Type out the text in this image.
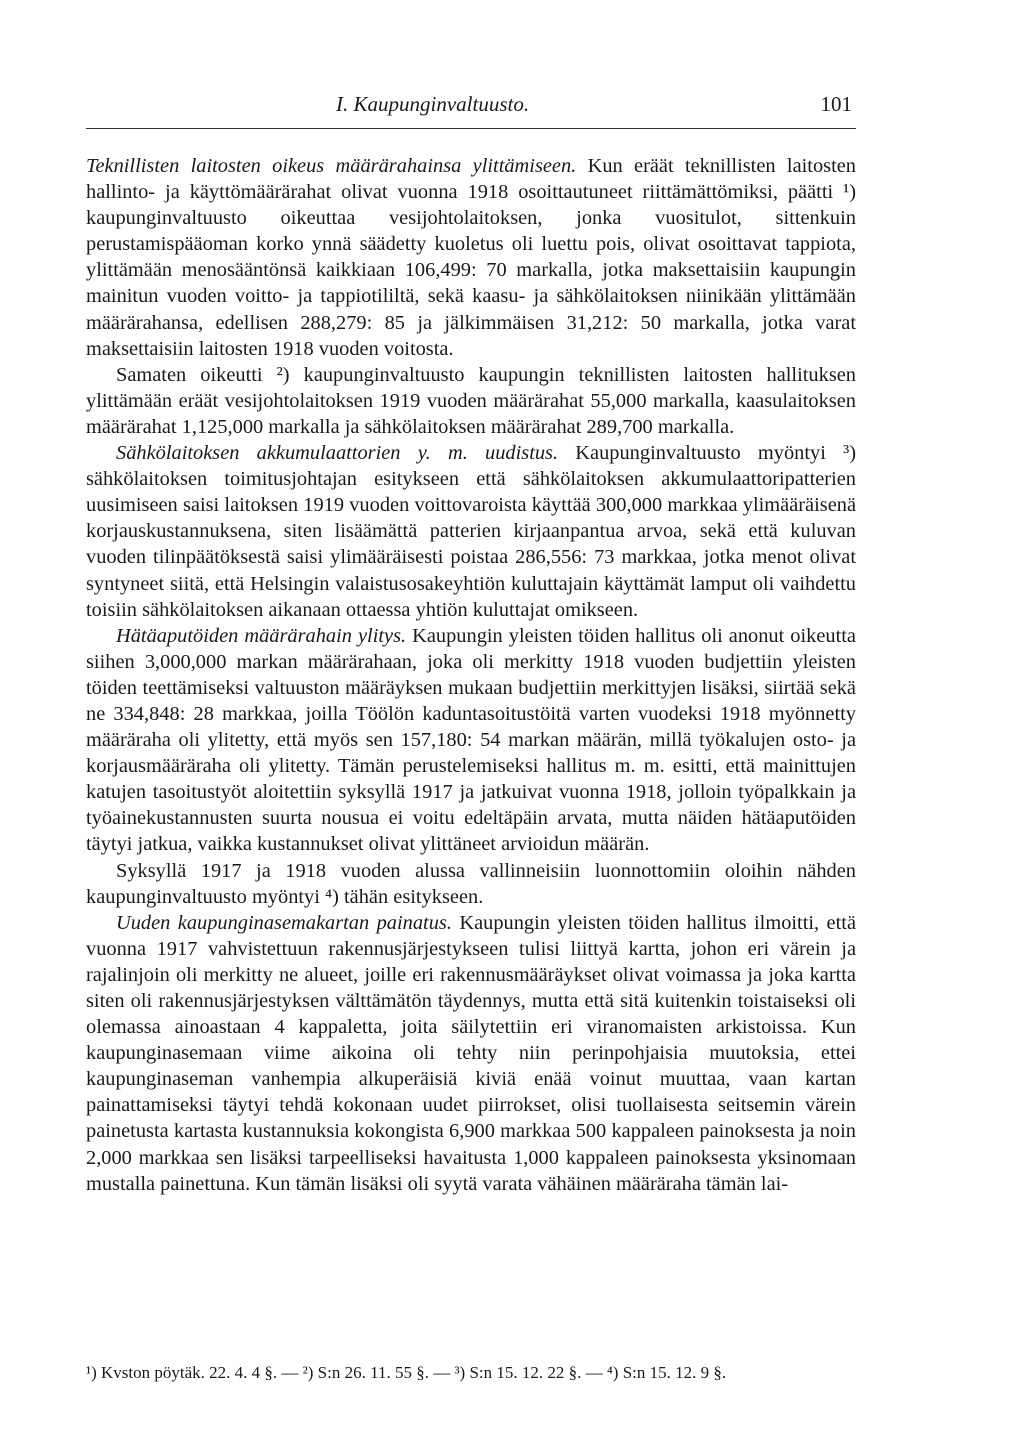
I. Kaupunginvaltuusto.	101

Teknillisten laitosten oikeus määrärahainsa ylittämiseen. Kun eräät teknillisten laitosten hallinto- ja käyttömäärärahat olivat vuonna 1918 osoittautuneet riittämättömiksi, päätti ¹) kaupunginvaltuusto oikeuttaa vesijohtolaitoksen, jonka vuositulot, sittenkuin perustamispääoman korko ynnä säädetty kuoletus oli luettu pois, olivat osoittavat tappiota, ylittämään menosääntönsä kaikkiaan 106,499: 70 markalla, jotka maksettaisiin kaupungin mainitun vuoden voitto- ja tappiotililtä, sekä kaasu- ja sähkölaitoksen niinikään ylittämään määrärahansa, edellisen 288,279: 85 ja jälkimmäisen 31,212: 50 markalla, jotka varat maksettaisiin laitosten 1918 vuoden voitosta.

Samaten oikeutti ²) kaupunginvaltuusto kaupungin teknillisten laitosten hallituksen ylittämään eräät vesijohtolaitoksen 1919 vuoden määrärahat 55,000 markalla, kaasulaitoksen määrärahat 1,125,000 markalla ja sähkölaitoksen määrärahat 289,700 markalla.

Sähkölaitoksen akkumulaattorien y. m. uudistus. Kaupunginvaltuusto myöntyi ³) sähkölaitoksen toimitusjohtajan esitykseen että sähkölaitoksen akkumulaattoripatterien uusimiseen saisi laitoksen 1919 vuoden voittovaroista käyttää 300,000 markkaa ylimääräisenä korjauskustannuksena, siten lisäämättä patterien kirjaanpantua arvoa, sekä että kuluvan vuoden tilinpäätöksestä saisi ylimääräisesti poistaa 286,556: 73 markkaa, jotka menot olivat syntyneet siitä, että Helsingin valaistusosakeyhtiön kuluttajain käyttämät lamput oli vaihdettu toisiin sähkölaitoksen aikanaan ottaessa yhtiön kuluttajat omikseen.

Hätäaputöiden määrärahain ylitys. Kaupungin yleisten töiden hallitus oli anonut oikeutta siihen 3,000,000 markan määrärahaan, joka oli merkitty 1918 vuoden budjettiin yleisten töiden teettämiseksi valtuuston määräyksen mukaan budjettiin merkittyjen lisäksi, siirtää sekä ne 334,848: 28 markkaa, joilla Töölön kaduntasoitustöitä varten vuodeksi 1918 myönnetty määräraha oli ylitetty, että myös sen 157,180: 54 markan määrän, millä työkalujen osto- ja korjausmääräraha oli ylitetty. Tämän perustelemiseksi hallitus m. m. esitti, että mainittujen katujen tasoitustyöt aloitettiin syksyllä 1917 ja jatkuivat vuonna 1918, jolloin työpalkkain ja työainekustannusten suurta nousua ei voitu edeltäpäin arvata, mutta näiden hätäaputöiden täytyi jatkua, vaikka kustannukset olivat ylittäneet arvioidun määrän.

Syksyllä 1917 ja 1918 vuoden alussa vallinneisiin luonnottomiin oloihin nähden kaupunginvaltuusto myöntyi ⁴) tähän esitykseen.

Uuden kaupunginasemakartan painatus. Kaupungin yleisten töiden hallitus ilmoitti, että vuonna 1917 vahvistettuun rakennusjärjestykseen tulisi liittyä kartta, johon eri värein ja rajalinjoin oli merkitty ne alueet, joille eri rakennusmääräykset olivat voimassa ja joka kartta siten oli rakennusjärjestyksen välttämätön täydennys, mutta että sitä kuitenkin toistaiseksi oli olemassa ainoastaan 4 kappaletta, joita säilytettiin eri viranomaisten arkistoissa. Kun kaupunginasemaan viime aikoina oli tehty niin perinpohjaisia muutoksia, ettei kaupunginaseman vanhempia alkuperäisiä kiviä enää voinut muuttaa, vaan kartan painattamiseksi täytyi tehdä kokonaan uudet piirrokset, olisi tuollaisesta seitsemin värein painetusta kartasta kustannuksia kokongista 6,900 markkaa 500 kappaleen painoksesta ja noin 2,000 markkaa sen lisäksi tarpeelliseksi havaitusta 1,000 kappaleen painoksesta yksinomaan mustalla painettuna. Kun tämän lisäksi oli syytä varata vähäinen määräraha tämän lai-

¹) Kvston pöytäk. 22. 4. 4 §. — ²) S:n 26. 11. 55 §. — ³) S:n 15. 12. 22 §. — ⁴) S:n 15. 12. 9 §.
